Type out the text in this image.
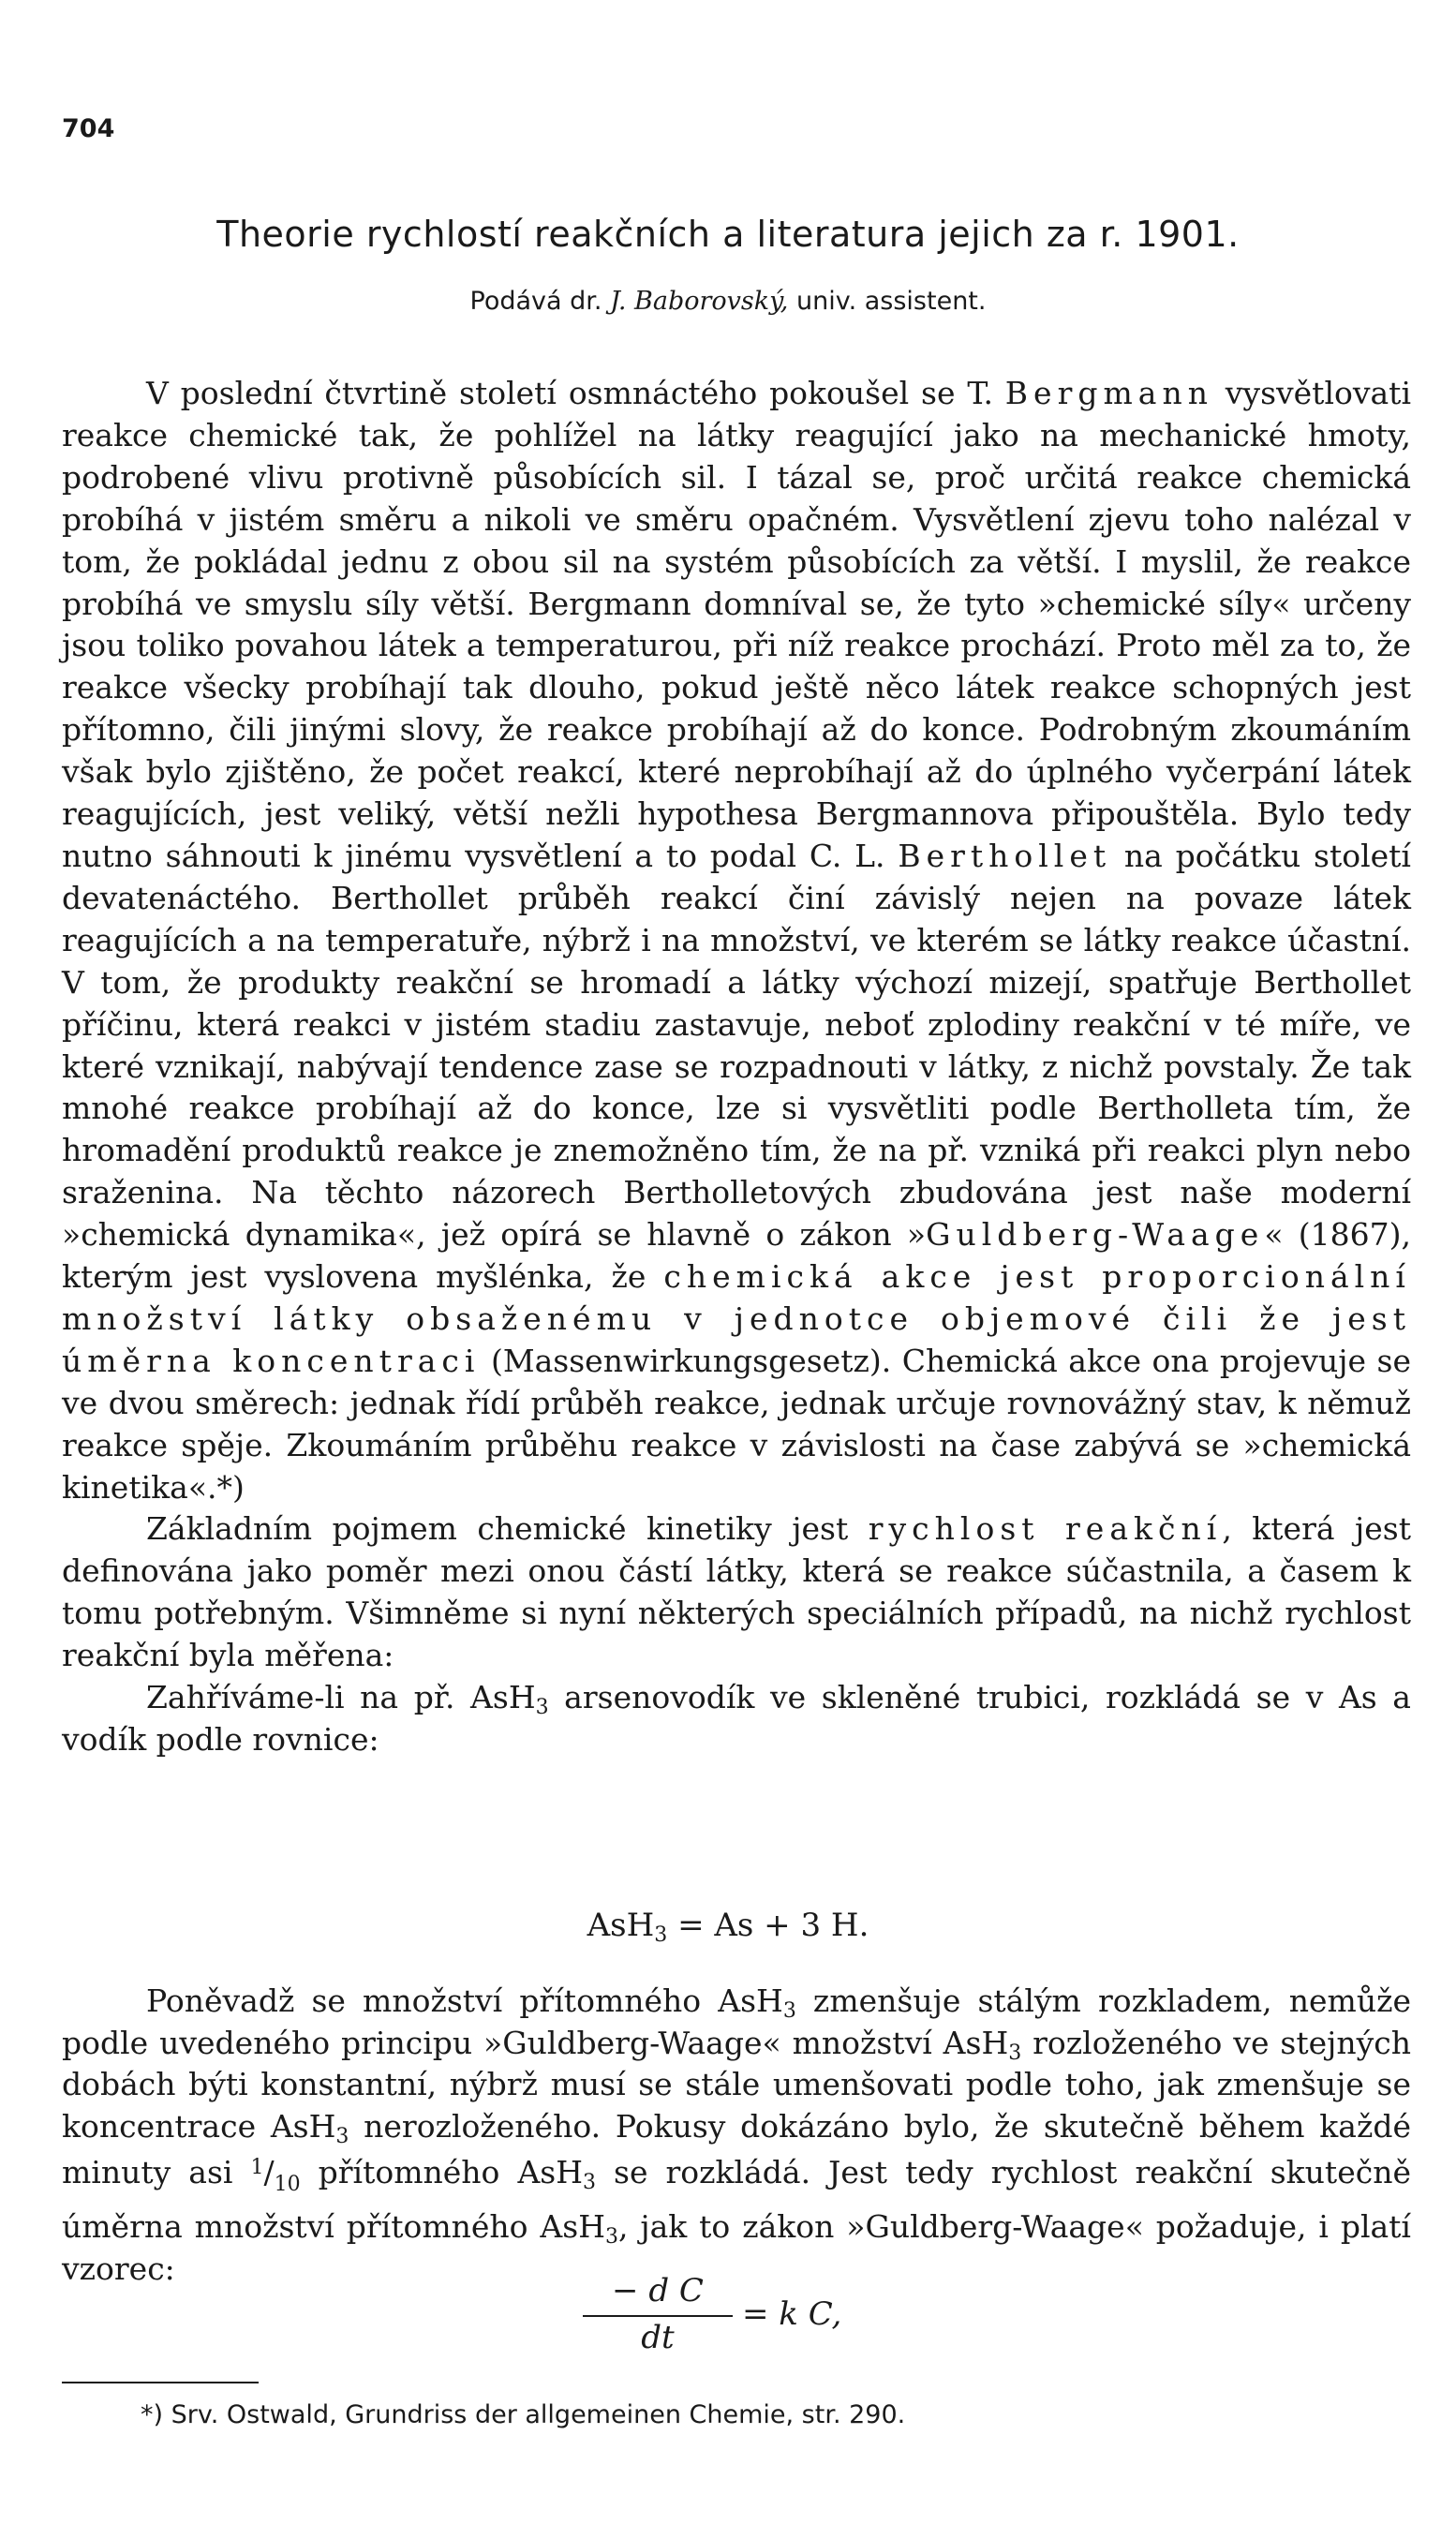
704
Theorie rychlostí reakčních a literatura jejich za r. 1901.
Podává dr. J. Baborovský, univ. assistent.

V poslední čtvrtině století osmnáctého pokoušel se T. Bergmann vysvětlovati reakce chemické tak, že pohlížel na látky reagující jako na mechanické hmoty, podrobené vlivu protivně působících sil. I tázal se, proč určitá reakce chemická probíhá v jistém směru a nikoli ve směru opačném. Vysvětlení zjevu toho nalézal v tom, že pokládal jednu z obou sil na systém působících za větší. I myslil, že reakce probíhá ve smyslu síly větší. Bergmann domníval se, že tyto »chemické síly« určeny jsou toliko povahou látek a temperaturou, při níž reakce prochází. Proto měl za to, že reakce všecky probíhají tak dlouho, pokud ještě něco látek reakce schopných jest přítomno, čili jinými slovy, že reakce probíhají až do konce. Podrobným zkoumáním však bylo zjištěno, že počet reakcí, které neprobíhají až do úplného vyčerpání látek reagujících, jest veliký, větší nežli hypothesa Bergmannova připouštěla. Bylo tedy nutno sáhnouti k jinému vysvětlení a to podal C. L. Berthollet na počátku století devatenáctého. Berthollet průběh reakcí činí závislý nejen na povaze látek reagujících a na temperatuře, nýbrž i na množství, ve kterém se látky reakce účastní. V tom, že produkty reakční se hromadí a látky výchozí mizejí, spatřuje Berthollet příčinu, která reakci v jistém stadiu zastavuje, neboť zplodiny reakční v té míře, ve které vznikají, nabývají tendence zase se rozpadnouti v látky, z nichž povstaly. Že tak mnohé reakce probíhají až do konce, lze si vysvětliti podle Bertholleta tím, že hromadění produktů reakce je znemožněno tím, že na př. vzniká při reakci plyn nebo sraženina. Na těchto názorech Bertholletových zbudována jest naše moderní »chemická dynamika«, jež opírá se hlavně o zákon »Guldberg-Waage« (1867), kterým jest vyslovena myšlénka, že chemická akce jest proporcionální množství látky obsaženému v jednotce objemové čili že jest úměrna koncentraci (Massenwirkungsgesetz). Chemická akce ona projevuje se ve dvou směrech: jednak řídí průběh reakce, jednak určuje rovnovážný stav, k němuž reakce spěje. Zkoumáním průběhu reakce v závislosti na čase zabývá se »chemická kinetika«.*)

Základním pojmem chemické kinetiky jest rychlost reakční, která jest definována jako poměr mezi onou částí látky, která se reakce súčastnila, a časem k tomu potřebným. Všimněme si nyní některých speciálních případů, na nichž rychlost reakční byla měřena:

Zahříváme-li na př. AsH$_3$ arsenovodík ve skleněné trubici, rozkládá se v As a vodík podle rovnice:

AsH$_3$ = As + 3 H.

Poněvadž se množství přítomného AsH$_3$ zmenšuje stálým rozkladem, nemůže podle uvedeného principu »Guldberg-Waage« množství AsH$_3$ rozloženého ve stejných dobách býti konstantní, nýbrž musí se stále umenšovati podle toho, jak zmenšuje se koncentrace AsH$_3$ nerozloženého. Pokusy dokázáno bylo, že skutečně během každé minuty asi $^1/_{10}$ přítomného AsH$_3$ se rozkládá. Jest tedy rychlost reakční skutečně úměrna množství přítomného AsH$_3$, jak to zákon »Guldberg-Waage« požaduje, i platí vzorec:

− d C
dt
= k C,
*) Srv. Ostwald, Grundriss der allgemeinen Chemie, str. 290.
